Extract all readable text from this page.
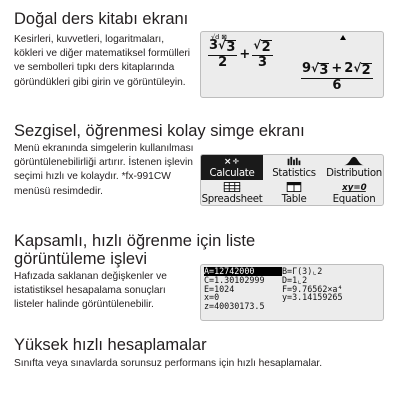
Doğal ders kitabı ekranı

Kesirleri, kuvvetleri, logaritmaları, kökleri ve diğer matematiksel formülleri ve sembolleri tıpkı ders kitaplarında göründükleri gibi girin ve görüntüleyin.

√d ⊠
$\frac{3 √ 3}{2} + \frac{√ 2}{3}$
$\frac{9 √ 3 + 2 √ 2}{6}$
Sezgisel, öğrenmesi kolay simge ekranı

Menü ekranında simgelerin kullanılması görüntülenebilirliği artırır. İstenen işlevin seçimi hızlı ve kolaydır. *fx-991CW menüsü resimdedir.

× ÷
Calculate	Statistics	Distribution
Spreadsheet	Table
xy=0
Equation
Kapsamlı, hızlı öğrenme için liste
görüntüleme işlevi

Hafızada saklanan değişkenler ve istatistiksel hesapalama sonuçları listeler halinde görüntülenebilir.

A=12742000	B=Γ(3)⌞2
C=1.30102999	D=1⌞2
E=1024	F=9.76562×a⁴
x=0	y=3.14159265
z=40030173.5
Yüksek hızlı hesaplamalar

Sınıfta veya sınavlarda sorunsuz performans için hızlı hesaplamalar.
